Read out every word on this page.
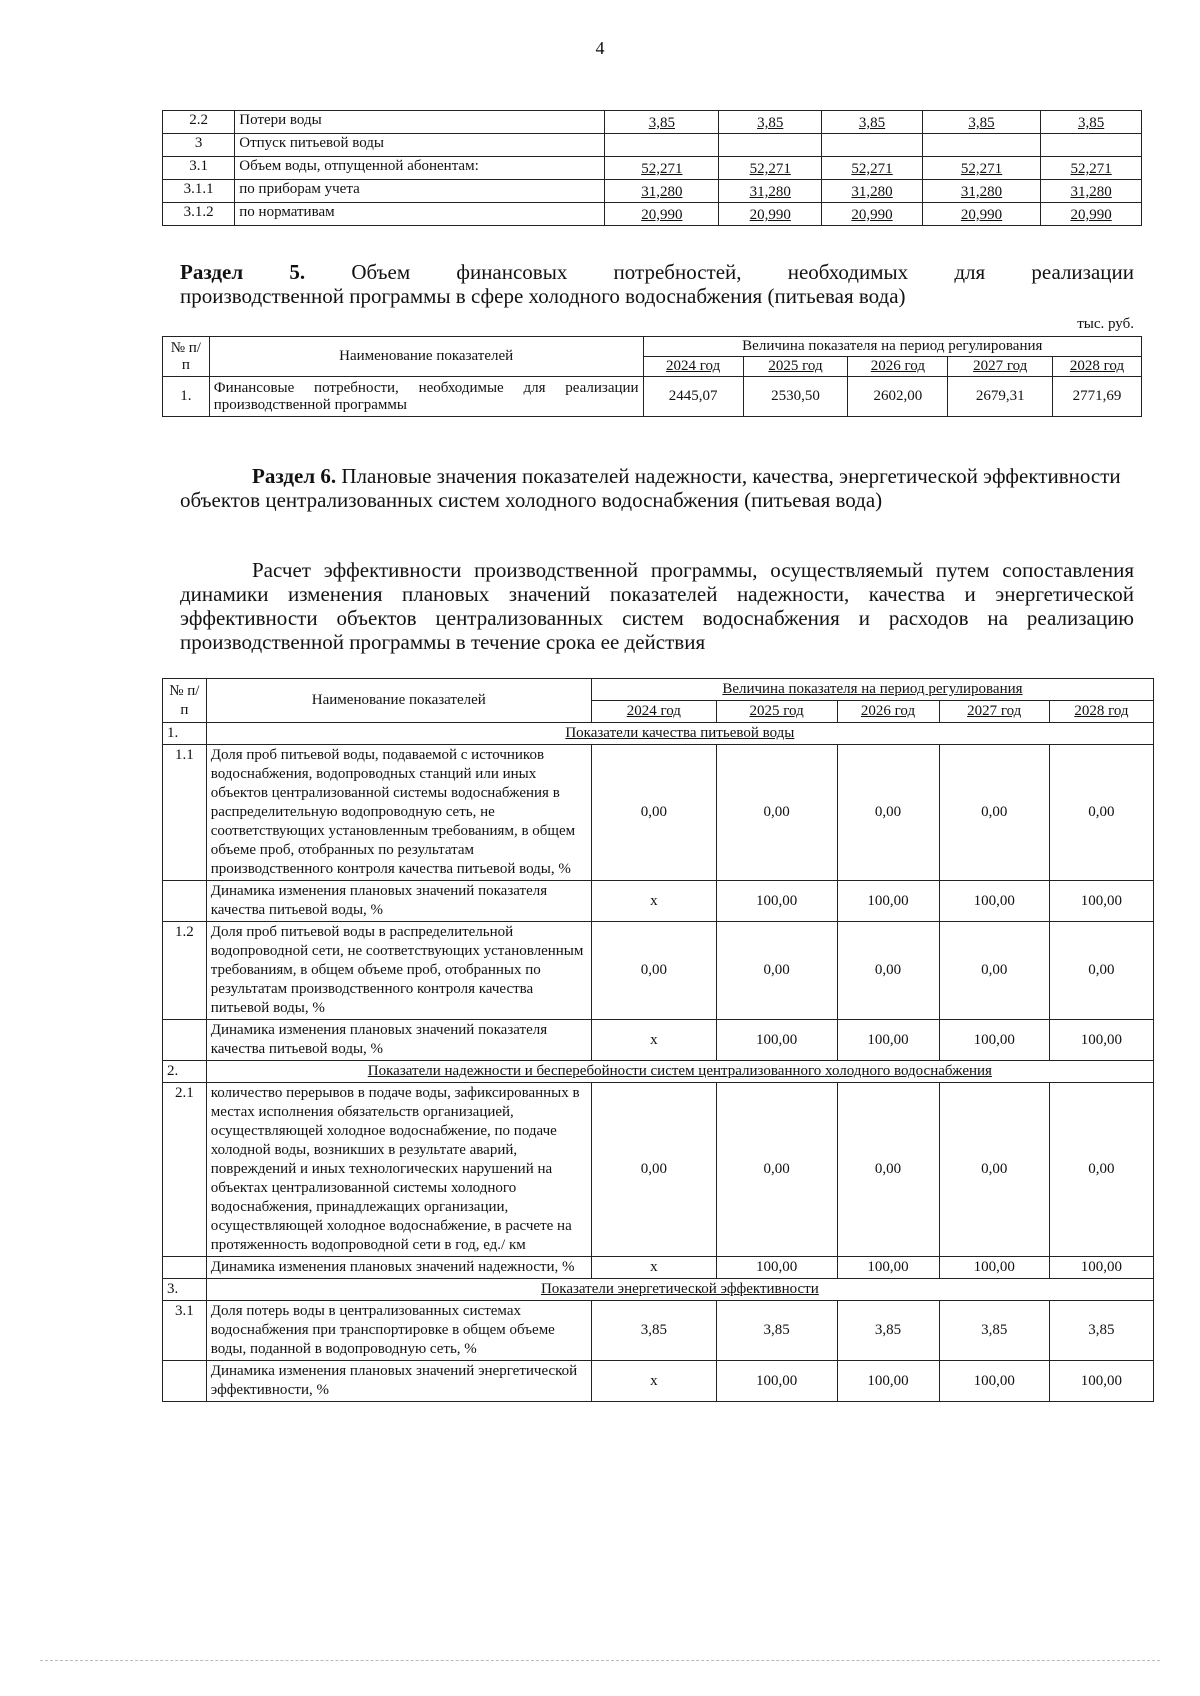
4
2.2	Потери воды	3,85	3,85	3,85	3,85	3,85
3	Отпуск питьевой воды					
3.1	Объем воды, отпущенной абонентам:	52,271	52,271	52,271	52,271	52,271
3.1.1	по приборам учета	31,280	31,280	31,280	31,280	31,280
3.1.2	по нормативам	20,990	20,990	20,990	20,990	20,990
Раздел 5. Объем финансовых потребностей, необходимых для реализации
производственной программы в сфере холодного водоснабжения (питьевая вода)
тыс. руб.
№ п/п	Наименование показателей	Величина показателя на период регулирования				
		2024 год	2025 год	2026 год	2027 год	2028 год
1.	Финансовые потребности, необходимые для реализации производственной программы	2445,07	2530,50	2602,00	2679,31	2771,69
Раздел 6. Плановые значения показателей надежности, качества, энергетической эффективности объектов централизованных систем холодного водоснабжения (питьевая вода)
Расчет эффективности производственной программы, осуществляемый путем сопоставления динамики изменения плановых значений показателей надежности, качества и энергетической эффективности объектов централизованных систем водоснабжения и расходов на реализацию производственной программы в течение срока ее действия
№ п/п	Наименование показателей	Величина показателя на период регулирования				
		2024 год	2025 год	2026 год	2027 год	2028 год
1.	Показатели качества питьевой воды					
1.1	Доля проб питьевой воды, подаваемой с источников водоснабжения, водопроводных станций или иных объектов централизованной системы водоснабжения в распределительную водопроводную сеть, не соответствующих установленным требованиям, в общем объеме проб, отобранных по результатам производственного контроля качества питьевой воды, %	0,00	0,00	0,00	0,00	0,00
	Динамика изменения плановых значений показателя качества питьевой воды, %	х	100,00	100,00	100,00	100,00
1.2	Доля проб питьевой воды в распределительной водопроводной сети, не соответствующих установленным требованиям, в общем объеме проб, отобранных по результатам производственного контроля качества питьевой воды, %	0,00	0,00	0,00	0,00	0,00
	Динамика изменения плановых значений показателя качества питьевой воды, %	х	100,00	100,00	100,00	100,00
2.	Показатели надежности и бесперебойности систем централизованного холодного водоснабжения					
2.1	количество перерывов в подаче воды, зафиксированных в местах исполнения обязательств организацией, осуществляющей холодное водоснабжение, по подаче холодной воды, возникших в результате аварий, повреждений и иных технологических нарушений на объектах централизованной системы холодного водоснабжения, принадлежащих организации, осуществляющей холодное водоснабжение, в расчете на протяженность водопроводной сети в год, ед./ км	0,00	0,00	0,00	0,00	0,00
	Динамика изменения плановых значений надежности, %	х	100,00	100,00	100,00	100,00
3.	Показатели энергетической эффективности					
3.1	Доля потерь воды в централизованных системах водоснабжения при транспортировке в общем объеме воды, поданной в водопроводную сеть, %	3,85	3,85	3,85	3,85	3,85
	Динамика изменения плановых значений энергетической эффективности, %	х	100,00	100,00	100,00	100,00
